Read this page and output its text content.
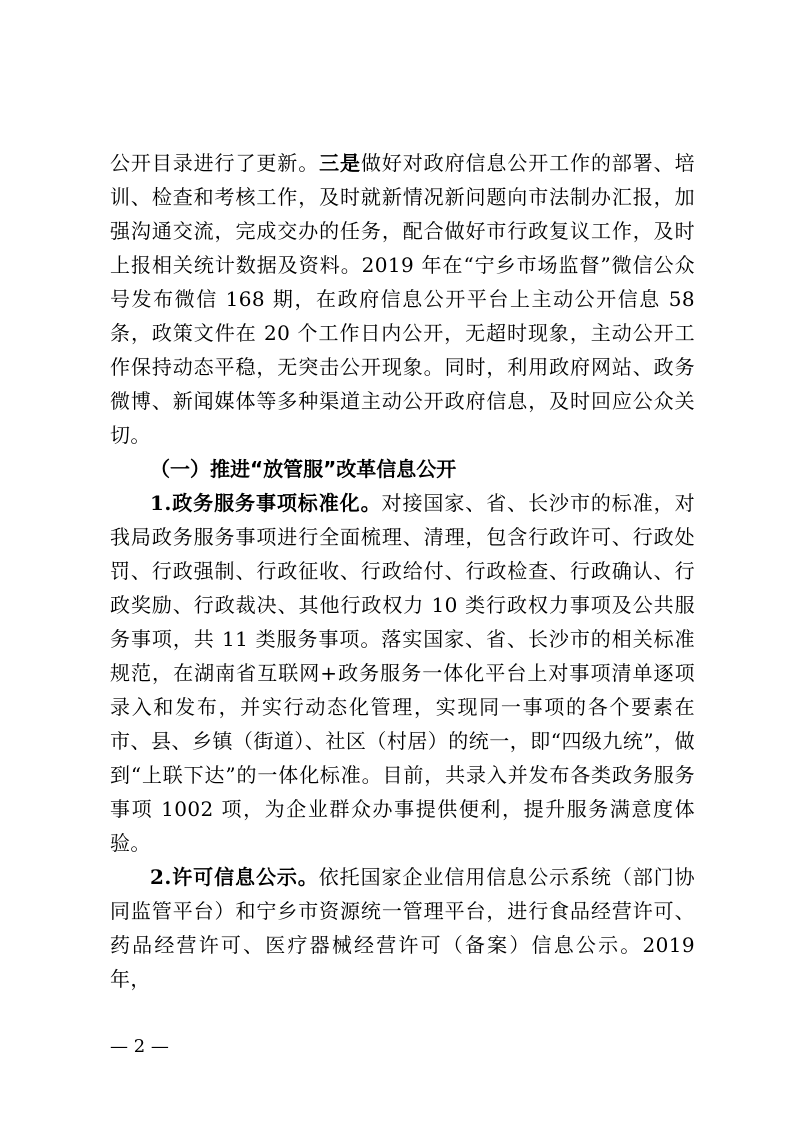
公开目录进行了更新。三是做好对政府信息公开工作的部署、培训、检查和考核工作，及时就新情况新问题向市法制办汇报，加强沟通交流，完成交办的任务，配合做好市行政复议工作，及时上报相关统计数据及资料。2019 年在“宁乡市场监督”微信公众号发布微信 168 期，在政府信息公开平台上主动公开信息 58 条，政策文件在 20 个工作日内公开，无超时现象，主动公开工作保持动态平稳，无突击公开现象。同时，利用政府网站、政务微博、新闻媒体等多种渠道主动公开政府信息，及时回应公众关切。

（一）推进“放管服”改革信息公开

1.政务服务事项标准化。对接国家、省、长沙市的标准，对我局政务服务事项进行全面梳理、清理，包含行政许可、行政处罚、行政强制、行政征收、行政给付、行政检查、行政确认、行政奖励、行政裁决、其他行政权力 10 类行政权力事项及公共服务事项，共 11 类服务事项。落实国家、省、长沙市的相关标准规范，在湖南省互联网+政务服务一体化平台上对事项清单逐项录入和发布，并实行动态化管理，实现同一事项的各个要素在市、县、乡镇（街道）、社区（村居）的统一，即“四级九统”，做到“上联下达”的一体化标准。目前，共录入并发布各类政务服务事项 1002 项，为企业群众办事提供便利，提升服务满意度体验。

2.许可信息公示。依托国家企业信用信息公示系统（部门协同监管平台）和宁乡市资源统一管理平台，进行食品经营许可、药品经营许可、医疗器械经营许可（备案）信息公示。2019 年，

— 2 —
